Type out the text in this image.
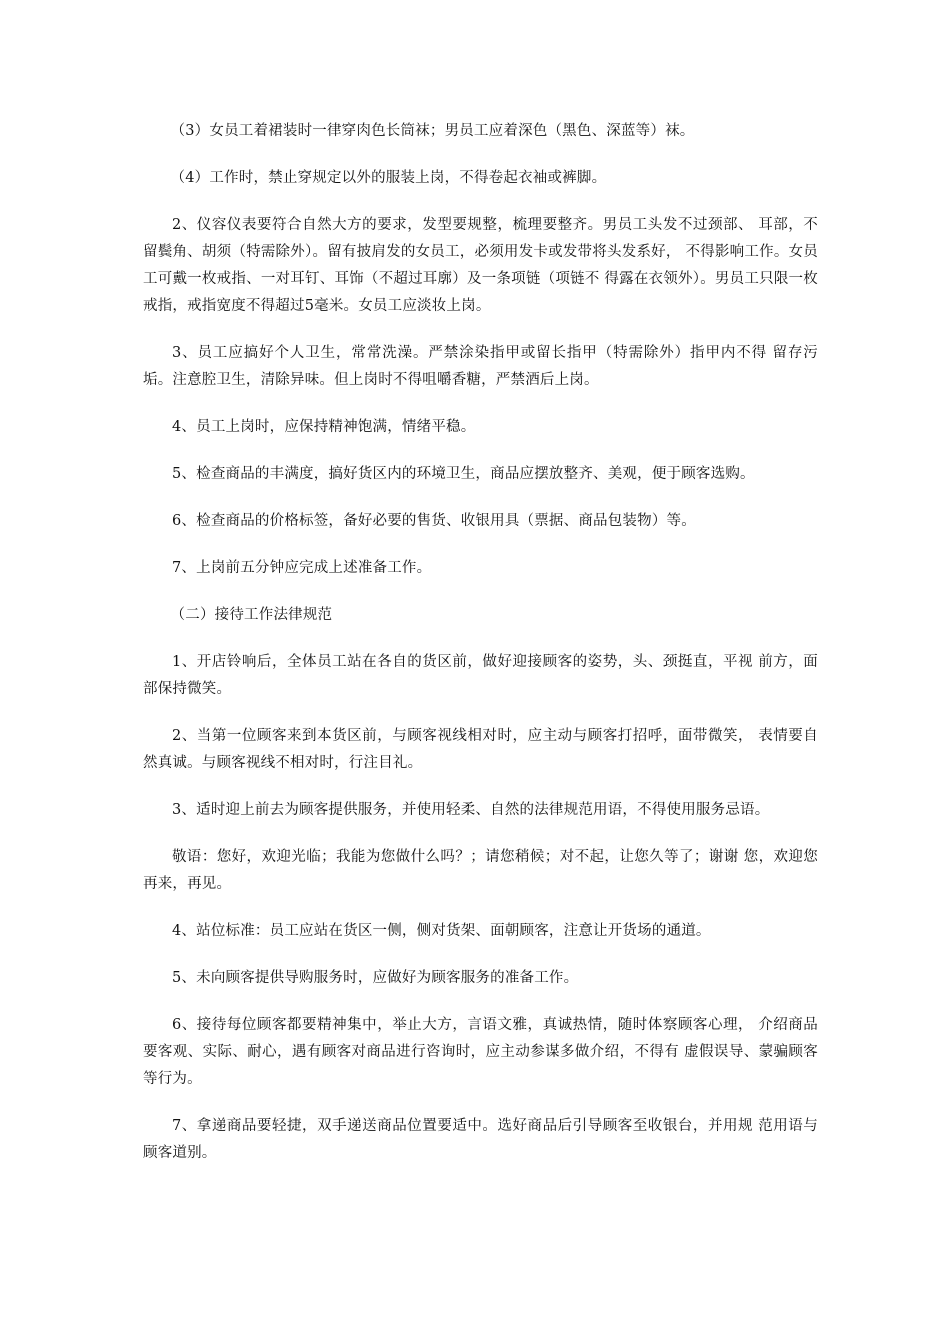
（3）女员工着裙装时一律穿肉色长筒袜；男员工应着深色（黑色、深蓝等）袜。

（4）工作时，禁止穿规定以外的服装上岗，不得卷起衣袖或裤脚。

2、仪容仪表要符合自然大方的要求，发型要规整，梳理要整齐。男员工头发不过颈部、 耳部，不留鬓角、胡须（特需除外）。留有披肩发的女员工，必须用发卡或发带将头发系好， 不得影响工作。女员工可戴一枚戒指、一对耳钉、耳饰（不超过耳廓）及一条项链（项链不 得露在衣领外）。男员工只限一枚戒指，戒指宽度不得超过5毫米。女员工应淡妆上岗。

3、员工应搞好个人卫生，常常洗澡。严禁涂染指甲或留长指甲（特需除外）指甲内不得 留存污垢。注意腔卫生，清除异味。但上岗时不得咀嚼香糖，严禁酒后上岗。

4、员工上岗时，应保持精神饱满，情绪平稳。

5、检查商品的丰满度，搞好货区内的环境卫生，商品应摆放整齐、美观，便于顾客选购。

6、检查商品的价格标签，备好必要的售货、收银用具（票据、商品包装物）等。

7、上岗前五分钟应完成上述准备工作。

（二）接待工作法律规范

1、开店铃响后，全体员工站在各自的货区前，做好迎接顾客的姿势，头、颈挺直，平视 前方，面部保持微笑。

2、当第一位顾客来到本货区前，与顾客视线相对时，应主动与顾客打招呼，面带微笑， 表情要自然真诚。与顾客视线不相对时，行注目礼。

3、适时迎上前去为顾客提供服务，并使用轻柔、自然的法律规范用语，不得使用服务忌语。

敬语：您好，欢迎光临；我能为您做什么吗？；请您稍候；对不起，让您久等了；谢谢 您，欢迎您再来，再见。

4、站位标准：员工应站在货区一侧，侧对货架、面朝顾客，注意让开货场的通道。

5、未向顾客提供导购服务时，应做好为顾客服务的准备工作。

6、接待每位顾客都要精神集中，举止大方，言语文雅，真诚热情，随时体察顾客心理， 介绍商品要客观、实际、耐心，遇有顾客对商品进行咨询时，应主动参谋多做介绍，不得有 虚假误导、蒙骗顾客等行为。

7、拿递商品要轻捷，双手递送商品位置要适中。选好商品后引导顾客至收银台，并用规 范用语与顾客道别。
